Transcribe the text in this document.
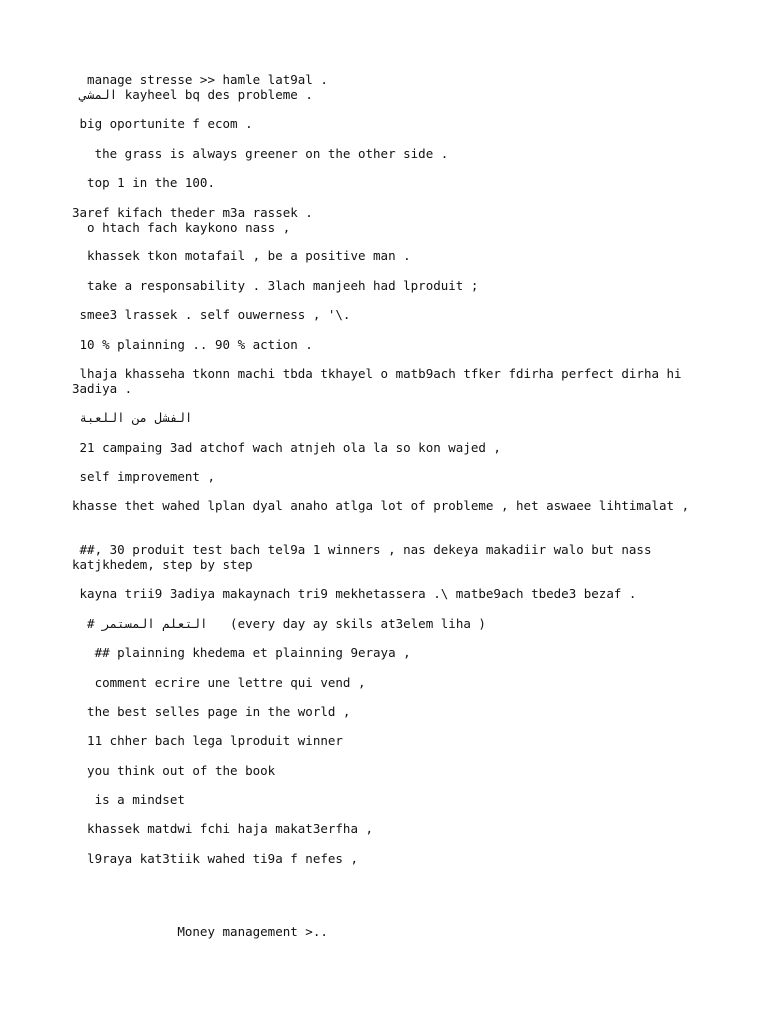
manage stresse >> hamle lat9al .

المشي kayheel bq des probleme .

big oportunite f ecom .

the grass is always greener on the other side .

top 1 in the 100.

3aref kifach theder m3a rassek .

o htach fach kaykono nass ,

khassek tkon motafail , be a positive man .

take a responsability . 3lach manjeeh had lproduit ;

smee3 lrassek . self ouwerness , '\.

10 % plainning .. 90 % action .

lhaja khasseha tkonn machi tbda tkhayel o matb9ach tfker fdirha perfect dirha hi

3adiya .

الفشل من اللعبة

21 campaing 3ad atchof wach atnjeh ola la so kon wajed ,

self improvement ,

khasse thet wahed lplan dyal anaho atlga lot of probleme , het aswaee lihtimalat ,

##, 30 produit test bach tel9a 1 winners , nas dekeya makadiir walo but nass

katjkhedem, step by step

kayna trii9 3adiya makaynach tri9 mekhetassera .\ matbe9ach tbede3 bezaf .

# التعلم المستمر   (every day ay skils at3elem liha )

## plainning khedema et plainning 9eraya ,

comment ecrire une lettre qui vend ,

the best selles page in the world ,

11 chher bach lega lproduit winner

you think out of the book

is a mindset

khassek matdwi fchi haja makat3erfha ,

l9raya kat3tiik wahed ti9a f nefes ,

Money management >..
